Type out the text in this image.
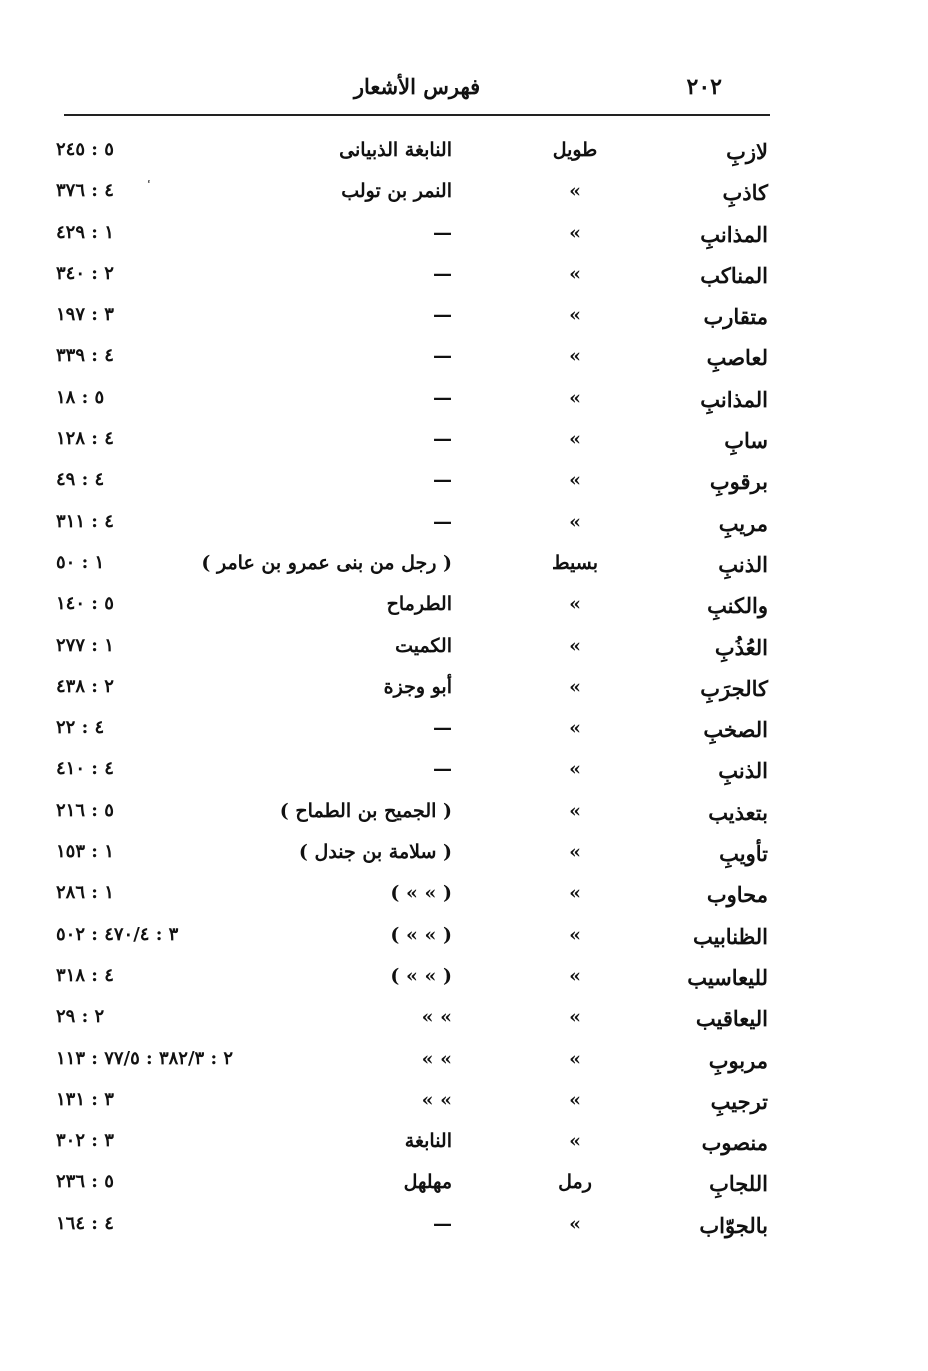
٢٠٢
فهرس الأشعار
لازبِ
طويل
النابغة الذبيانى
٥ : ٢٤٥
كاذبِ
»
النمر بن تولب
٤ : ٣٧٦
المذانبِ
»
—
١ : ٤٢٩
المناكب
»
—
٢ : ٣٤٠
متقارب
»
—
٣ : ١٩٧
لعاصبِ
»
—
٤ : ٣٣٩
المذانبِ
»
—
٥ : ١٨
سابِ
»
—
٤ : ١٢٨
برقوبِ
»
—
٤ : ٤٩
مريبِ
»
—
٤ : ٣١١
الذنبِ
بسيط
( رجل من بنى عمرو بن عامر )
١ : ٥٠
والكنبِ
»
الطرماح
٥ : ١٤٠
العُذُبِ
»
الكميت
١ : ٢٧٧
كالجرَبِ
»
أبو وجزة
٢ : ٤٣٨
الصخبِ
»
—
٤ : ٢٢
الذنبِ
»
—
٤ : ٤١٠
بتعذيب
»
( الجميح بن الطماح )
٥ : ٢١٦
تأويبِ
»
( سلامة بن جندل )
١ : ١٥٣
محاوب
»
( » » )
١ : ٢٨٦
الظنابيب
»
( » » )
٣ : ٤٧٠/٤ : ٥٠٢
لليعاسيب
»
( » » )
٤ : ٣١٨
اليعاقيب
»
» »
٢ : ٢٩
مربوبِ
»
» »
٢ : ٣٨٢/٣ : ٧٧/٥ : ١١٣
ترجيبِ
»
» »
٣ : ١٣١
منصوب
»
النابغة
٣ : ٣٠٢
اللجابِ
رمل
مهلهل
٥ : ٢٣٦
بالجوّاب
»
—
٤ : ١٦٤
